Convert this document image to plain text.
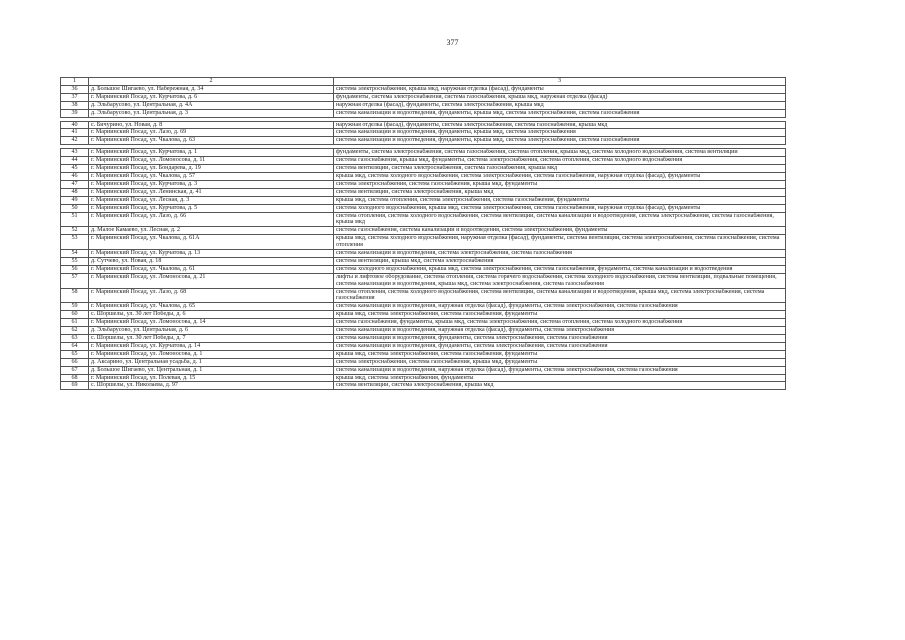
377
1	2	3
36	д. Большое Шигаево, ул. Набережная, д. 34	система электроснабжения, крыша мкд, наружная отделка (фасад), фундаменты
37	г. Мариинский Посад, ул. Курчатова, д. 6	фундаменты, система электроснабжения, система газоснабжения, крыша мкд, наружная отделка (фасад)
38	д. Эльбарусово, ул. Центральная, д. 4А	наружная отделка (фасад), фундаменты, система электроснабжения, крыша мкд
39	д. Эльбарусово, ул. Центральная, д. 3	система канализации и водоотведения, фундаменты, крыша мкд, система электроснабжения, система газоснабжения

40	с. Бичурино, ул. Новая, д. 8	наружная отделка (фасад), фундаменты, система электроснабжения, система газоснабжения, крыша мкд
41	г. Мариинский Посад, ул. Лазо, д. 69	система канализации и водоотведения, фундаменты, крыша мкд, система электроснабжения
42	г. Мариинский Посад, ул. Чкалова, д. 63	система канализации и водоотведения, фундаменты, крыша мкд, система электроснабжения, система газоснабжения

43	г. Мариинский Посад, ул. Курчатова, д. 1	фундаменты, система электроснабжения, система газоснабжения, система отопления, крыша мкд, система холодного водоснабжения, система вентиляции
44	г. Мариинский Посад, ул. Ломоносова, д. 11	система газоснабжения, крыша мкд, фундаменты, система электроснабжения, система отопления, система холодного водоснабжения
45	г. Мариинский Посад, ул. Бондарева, д. 19	система вентиляции, система электроснабжения, система газоснабжения, крыша мкд
46	г. Мариинский Посад, ул. Чкалова, д. 57	крыша мкд, система холодного водоснабжения, система электроснабжения, система газоснабжения, наружная отделка (фасад), фундаменты
47	г. Мариинский Посад, ул. Курчатова, д. 3	система электроснабжения, система газоснабжения, крыша мкд, фундаменты
48	г. Мариинский Посад, ул. Ленинская, д. 41	система вентиляции, система электроснабжения, крыша мкд
49	г. Мариинский Посад, ул. Лесная, д. 3	крыша мкд, система отопления, система электроснабжения, система газоснабжения, фундаменты
50	г. Мариинский Посад, ул. Курчатова, д. 5	система холодного водоснабжения, крыша мкд, система электроснабжения, система газоснабжения, наружная отделка (фасад), фундаменты
51	г. Мариинский Посад, ул. Лазо, д. 66	система отопления, система холодного водоснабжения, система вентиляции, система канализации и водоотведения, система электроснабжения, система газоснабжения, крыша мкд
52	д. Малое Камаево, ул. Лесная, д. 2	система газоснабжения, система канализации и водоотведения, система электроснабжения, фундаменты
53	г. Мариинский Посад, ул. Чкалова, д. 61А	крыша мкд, система холодного водоснабжения, наружная отделка (фасад), фундаменты, система вентиляции, система электроснабжения, система газоснабжения, система отопления
54	г. Мариинский Посад, ул. Курчатова, д. 13	система канализации и водоотведения, система электроснабжения, система газоснабжения
55	д. Сутчево, ул. Новая, д. 18	система вентиляции, крыша мкд, система электроснабжения
56	г. Мариинский Посад, ул. Чкалова, д. 61	система холодного водоснабжения, крыша мкд, система электроснабжения, система газоснабжения, фундаменты, система канализации и водоотведения
57	г. Мариинский Посад, ул. Ломоносова, д. 21	лифты и лифтовое оборудование, система отопления, система горячего водоснабжения, система холодного водоснабжения, система вентиляции, подвальные помещения, система канализации и водоотведения, крыша мкд, система электроснабжения, система газоснабжения
58	г. Мариинский Посад, ул. Лазо, д. 68	система отопления, система холодного водоснабжения, система вентиляции, система канализации и водоотведения, крыша мкд, система электроснабжения, система газоснабжения
59	г. Мариинский Посад, ул. Чкалова, д. 65	система канализации и водоотведения, наружная отделка (фасад), фундаменты, система электроснабжения, система газоснабжения
60	с. Шоршелы, ул. 30 лет Победы, д. 6	крыша мкд, система электроснабжения, система газоснабжения, фундаменты
61	г. Мариинский Посад, ул. Ломоносова, д. 14	система газоснабжения, фундаменты, крыша мкд, система электроснабжения, система отопления, система холодного водоснабжения
62	д. Эльбарусово, ул. Центральная, д. 6	система канализации и водоотведения, наружная отделка (фасад), фундаменты, система электроснабжения
63	с. Шоршелы, ул. 30 лет Победы, д. 7	система канализации и водоотведения, фундаменты, система электроснабжения, система газоснабжения
64	г. Мариинский Посад, ул. Курчатова, д. 14	система канализации и водоотведения, фундаменты, система электроснабжения, система газоснабжения
65	г. Мариинский Посад, ул. Ломоносова, д. 1	крыша мкд, система электроснабжения, система газоснабжения, фундаменты
66	д. Аксарино, ул. Центральная усадьба, д. 1	система электроснабжения, система газоснабжения, крыша мкд, фундаменты
67	д. Большое Шигаево, ул. Центральная, д. 1	система канализации и водоотведения, наружная отделка (фасад), фундаменты, система электроснабжения, система газоснабжения
68	г. Мариинский Посад, ул. Полевая, д. 15	крыша мкд, система электроснабжения, фундаменты
69	с. Шоршелы, ул. Николаева, д. 97	система вентиляции, система электроснабжения, крыша мкд
